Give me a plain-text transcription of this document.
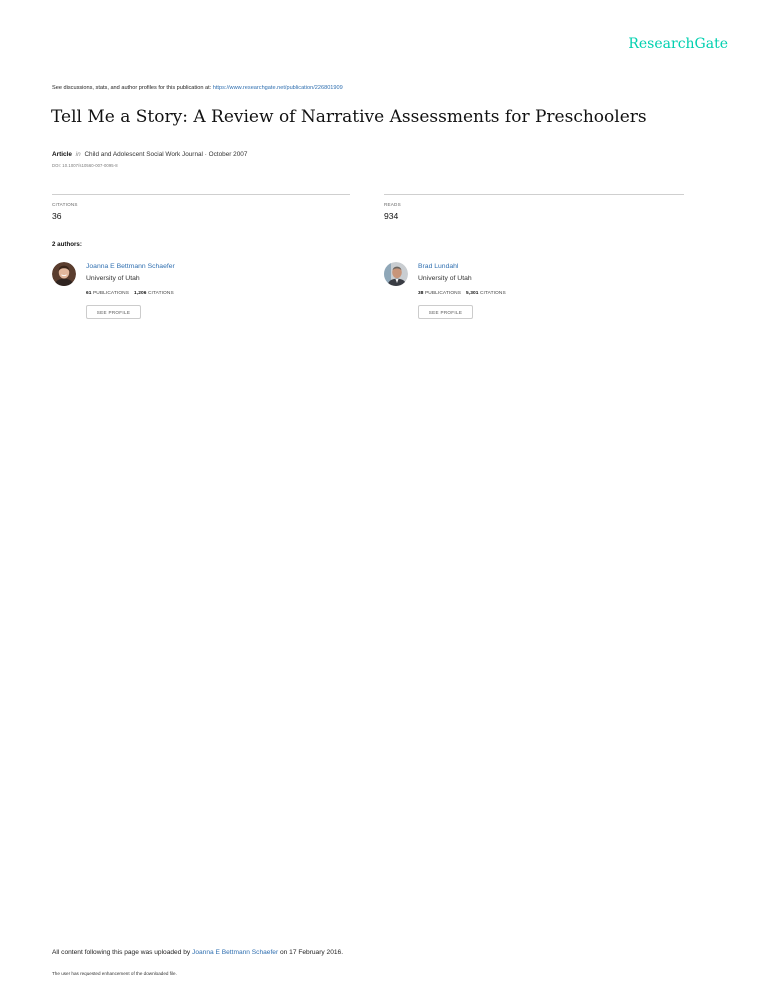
ResearchGate
See discussions, stats, and author profiles for this publication at: https://www.researchgate.net/publication/226801909
Tell Me a Story: A Review of Narrative Assessments for Preschoolers
Article in Child and Adolescent Social Work Journal · October 2007
DOI: 10.1007/s10560-007-0095-8
CITATIONS
36
READS
934
2 authors:
Joanna E Bettmann Schaefer
University of Utah
61 PUBLICATIONS 1,206 CITATIONS
SEE PROFILE
Brad Lundahl
University of Utah
38 PUBLICATIONS 5,301 CITATIONS
SEE PROFILE
All content following this page was uploaded by Joanna E Bettmann Schaefer on 17 February 2016.
The user has requested enhancement of the downloaded file.
